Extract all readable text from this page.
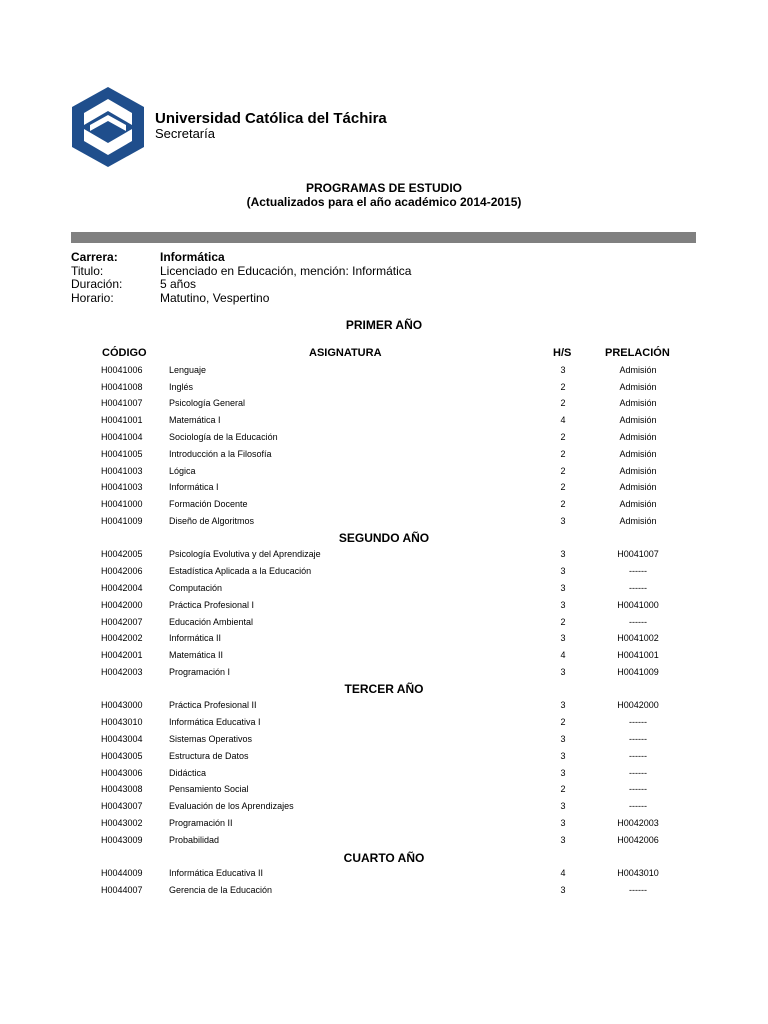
Universidad Católica del Táchira
Secretaría
PROGRAMAS DE ESTUDIO
(Actualizados para el año académico 2014-2015)
Carrera:	Informática
Titulo:	Licenciado en Educación, mención: Informática
Duración:	5 años
Horario:	Matutino, Vespertino
PRIMER AÑO
CÓDIGO	ASIGNATURA	H/S	PRELACIÓN
H0041006	Lenguaje	3	Admisión
H0041008	Inglés	2	Admisión
H0041007	Psicología General	2	Admisión
H0041001	Matemática I	4	Admisión
H0041004	Sociología de la Educación	2	Admisión
H0041005	Introducción a la Filosofía	2	Admisión
H0041003	Lógica	2	Admisión
H0041003	Informática I	2	Admisión
H0041000	Formación Docente	2	Admisión
H0041009	Diseño de Algoritmos	3	Admisión
SEGUNDO AÑO
H0042005	Psicología Evolutiva y del Aprendizaje	3	H0041007
H0042006	Estadística Aplicada a la Educación	3	------
H0042004	Computación	3	------
H0042000	Práctica Profesional I	3	H0041000
H0042007	Educación Ambiental	2	------
H0042002	Informática II	3	H0041002
H0042001	Matemática II	4	H0041001
H0042003	Programación I	3	H0041009
TERCER AÑO
H0043000	Práctica Profesional II	3	H0042000
H0043010	Informática Educativa I	2	------
H0043004	Sistemas Operativos	3	------
H0043005	Estructura de Datos	3	------
H0043006	Didáctica	3	------
H0043008	Pensamiento Social	2	------
H0043007	Evaluación de los Aprendizajes	3	------
H0043002	Programación II	3	H0042003
H0043009	Probabilidad	3	H0042006
CUARTO AÑO
H0044009	Informática Educativa II	4	H0043010
H0044007	Gerencia de la Educación	3	------
